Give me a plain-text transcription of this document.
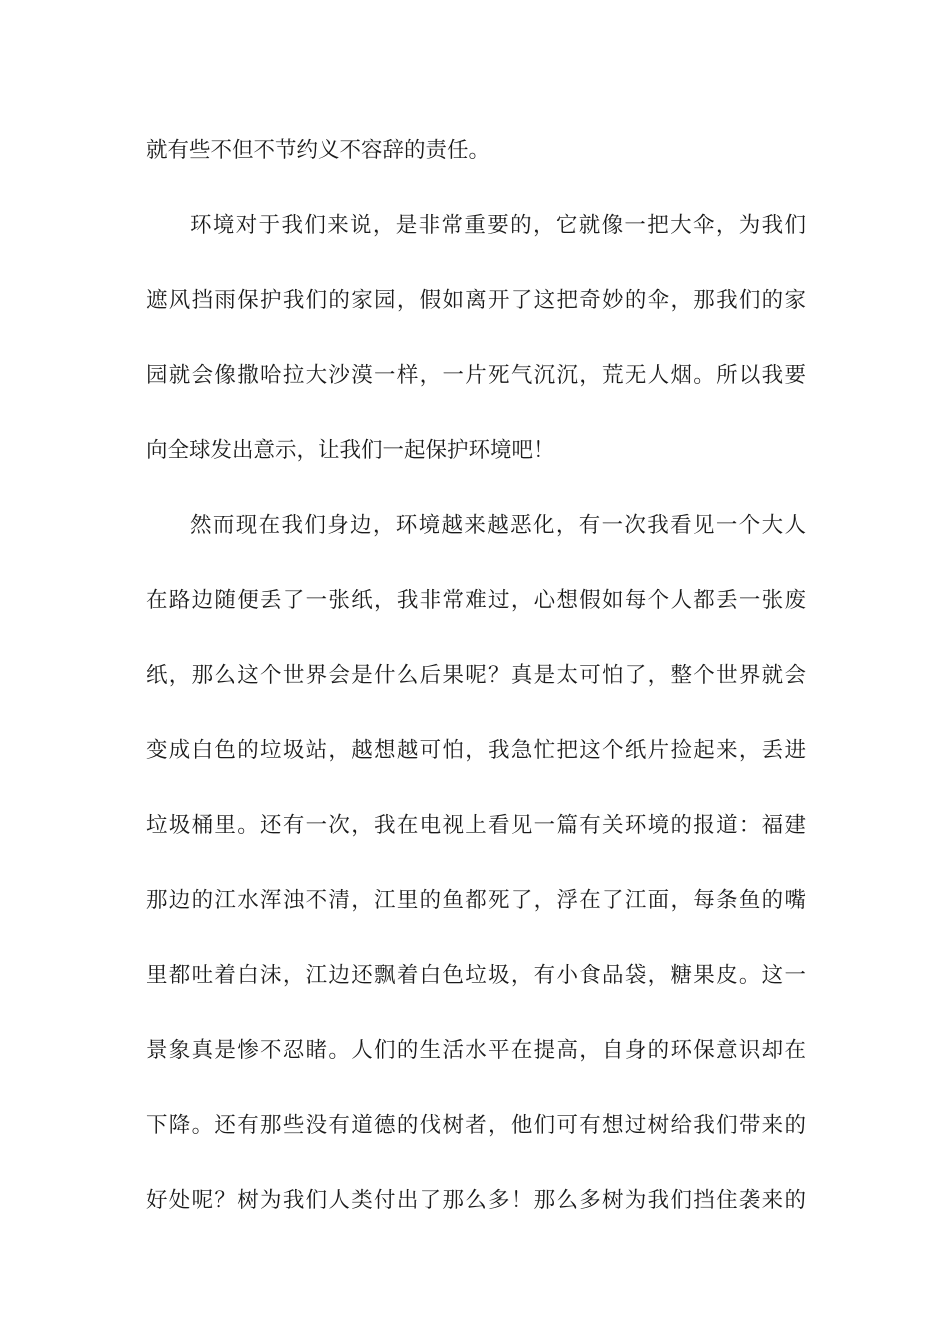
就有些不但不节约义不容辞的责任。
环境对于我们来说，是非常重要的，它就像一把大伞，为我们
遮风挡雨保护我们的家园，假如离开了这把奇妙的伞，那我们的家
园就会像撒哈拉大沙漠一样，一片死气沉沉，荒无人烟。所以我要
向全球发出意示，让我们一起保护环境吧！
然而现在我们身边，环境越来越恶化，有一次我看见一个大人
在路边随便丢了一张纸，我非常难过，心想假如每个人都丢一张废
纸，那么这个世界会是什么后果呢？真是太可怕了，整个世界就会
变成白色的垃圾站，越想越可怕，我急忙把这个纸片捡起来，丢进
垃圾桶里。还有一次，我在电视上看见一篇有关环境的报道：福建
那边的江水浑浊不清，江里的鱼都死了，浮在了江面，每条鱼的嘴
里都吐着白沫，江边还飘着白色垃圾，有小食品袋，糖果皮。这一
景象真是惨不忍睹。人们的生活水平在提高，自身的环保意识却在
下降。还有那些没有道德的伐树者，他们可有想过树给我们带来的
好处呢？树为我们人类付出了那么多！那么多树为我们挡住袭来的
